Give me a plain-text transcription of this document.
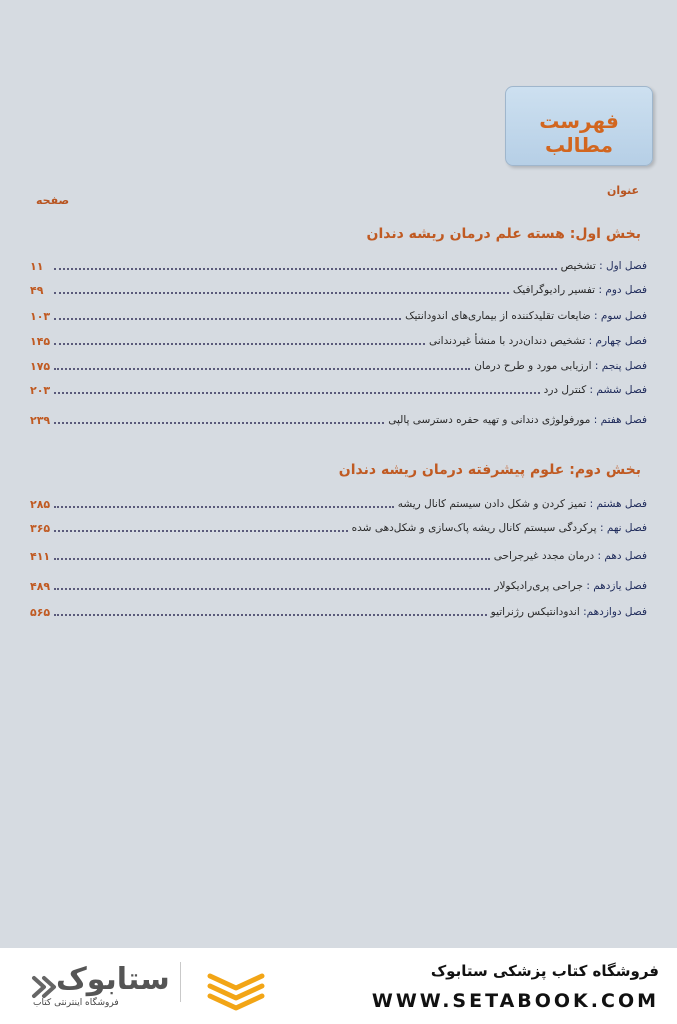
فهرست مطالب
عنوان
صفحه
بخش اول: هسته علم درمان ریشه دندان
فصل اول : تشخیص
۱۱
فصل دوم : تفسیر رادیوگرافیک
۴۹
فصل سوم : ضایعات تقلیدکننده از بیماری‌های اندودانتیک
۱۰۳
فصل چهارم : تشخیص دندان‌درد با منشأ غیردندانی
۱۴۵
فصل پنجم : ارزیابی مورد و طرح درمان
۱۷۵
فصل ششم : کنترل درد
۲۰۳
فصل هفتم : مورفولوژی دندانی و تهیه حفره دسترسی پالپی
۲۳۹
بخش دوم: علوم پیشرفته درمان ریشه دندان
فصل هشتم : تمیز کردن و شکل دادن سیستم کانال ریشه
۲۸۵
فصل نهم : پرکردگی سیستم کانال ریشه پاک‌سازی و شکل‌دهی شده
۳۶۵
فصل دهم : درمان مجدد غیرجراحی
۴۱۱
فصل یازدهم : جراحی پری‌رادیکولار
۴۸۹
فصل دوازدهم: اندودانتیکس رژنراتیو
۵۶۵
ستابوک
فروشگاه اینترنتی کتاب
فروشگاه کتاب پزشکی ستابوک
WWW.SETABOOK.COM
